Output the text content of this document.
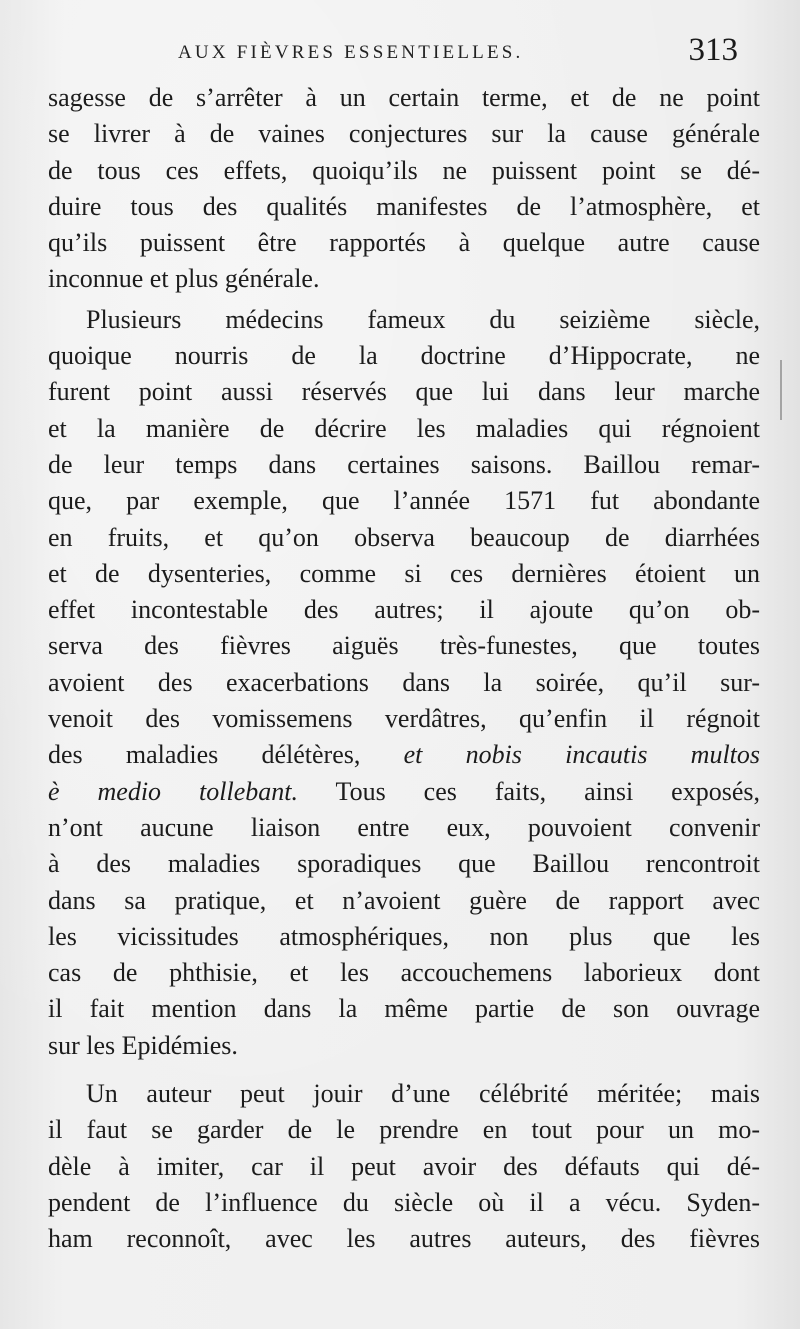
AUX FIÈVRES ESSENTIELLES.	313
sagesse de s’arrêter à un certain terme, et de ne point
se livrer à de vaines conjectures sur la cause générale
de tous ces effets, quoiqu’ils ne puissent point se dé-
duire tous des qualités manifestes de l’atmosphère, et
qu’ils puissent être rapportés à quelque autre cause
inconnue et plus générale.
Plusieurs médecins fameux du seizième siècle,
quoique nourris de la doctrine d’Hippocrate, ne
furent point aussi réservés que lui dans leur marche
et la manière de décrire les maladies qui régnoient
de leur temps dans certaines saisons. Baillou remar-
que, par exemple, que l’année 1571 fut abondante
en fruits, et qu’on observa beaucoup de diarrhées
et de dysenteries, comme si ces dernières étoient un
effet incontestable des autres; il ajoute qu’on ob-
serva des fièvres aiguës très-funestes, que toutes
avoient des exacerbations dans la soirée, qu’il sur-
venoit des vomissemens verdâtres, qu’enfin il régnoit
des maladies délétères, et nobis incautis multos
è medio tollebant. Tous ces faits, ainsi exposés,
n’ont aucune liaison entre eux, pouvoient convenir
à des maladies sporadiques que Baillou rencontroit
dans sa pratique, et n’avoient guère de rapport avec
les vicissitudes atmosphériques, non plus que les
cas de phthisie, et les accouchemens laborieux dont
il fait mention dans la même partie de son ouvrage
sur les Epidémies.
Un auteur peut jouir d’une célébrité méritée; mais
il faut se garder de le prendre en tout pour un mo-
dèle à imiter, car il peut avoir des défauts qui dé-
pendent de l’influence du siècle où il a vécu. Syden-
ham reconnoît, avec les autres auteurs, des fièvres
